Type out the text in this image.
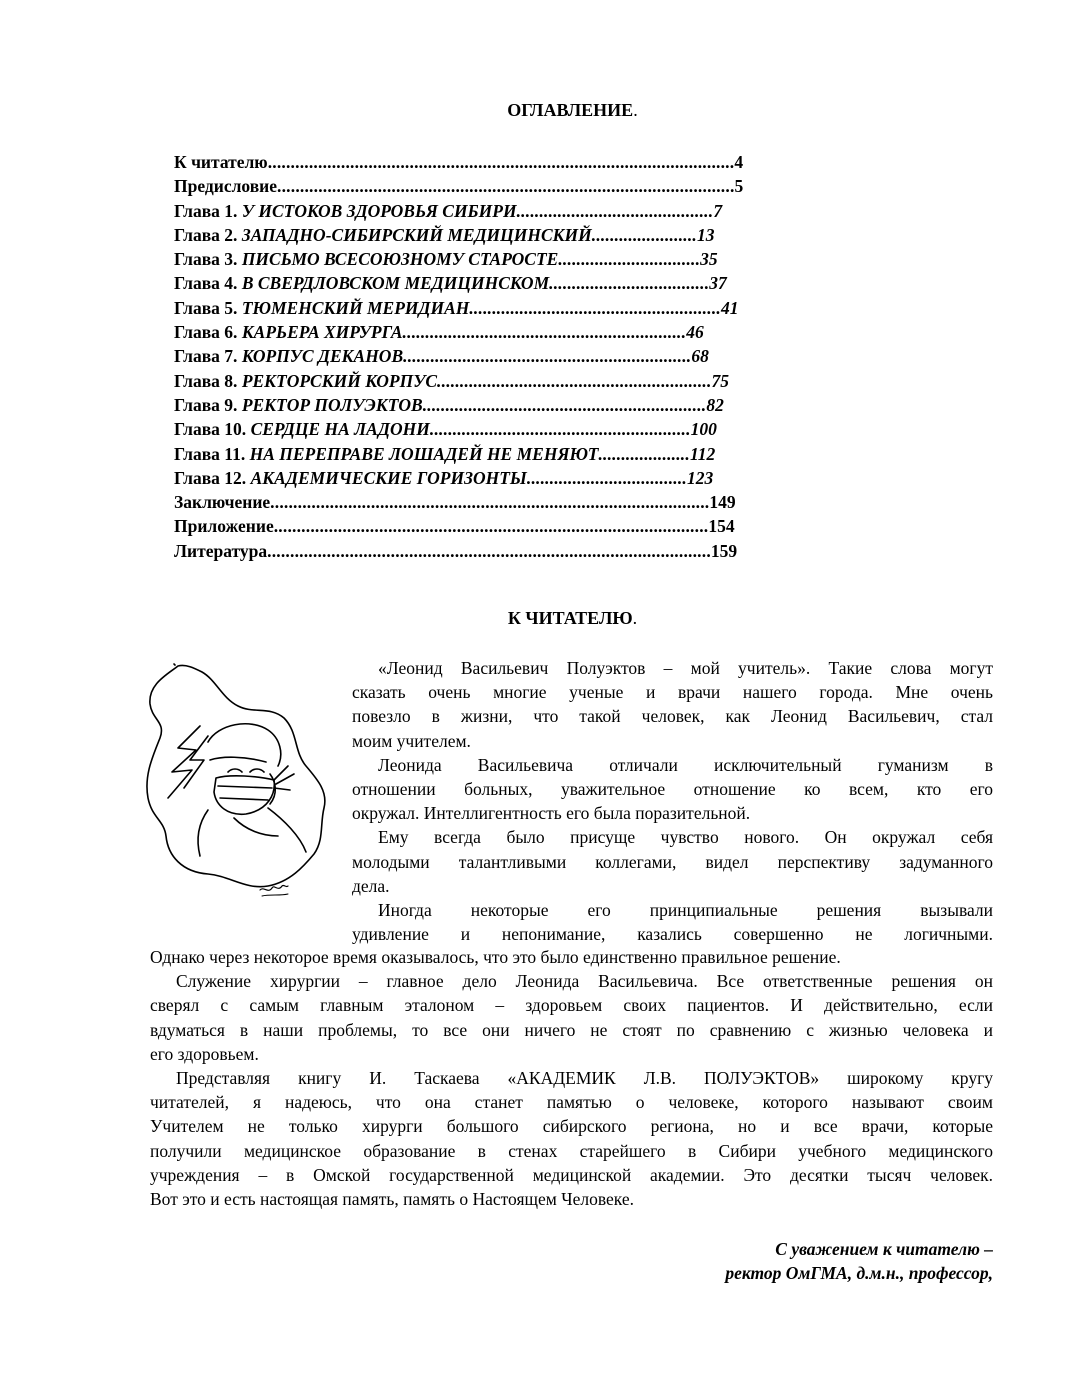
ОГЛАВЛЕНИЕ.
К читателю......................................................................................................4
Предисловие....................................................................................................5
Глава 1. У ИСТОКОВ ЗДОРОВЬЯ СИБИРИ...........................................7
Глава 2. ЗАПАДНО-СИБИРСКИЙ МЕДИЦИНСКИЙ.......................13
Глава 3. ПИСЬМО ВСЕСОЮЗНОМУ СТАРОСТЕ...............................35
Глава 4. В СВЕРДЛОВСКОМ МЕДИЦИНСКОМ...................................37
Глава 5. ТЮМЕНСКИЙ МЕРИДИАН.......................................................41
Глава 6. КАРЬЕРА ХИРУРГА..............................................................46
Глава 7. КОРПУС ДЕКАНОВ...............................................................68
Глава 8. РЕКТОРСКИЙ КОРПУС............................................................75
Глава 9. РЕКТОР ПОЛУЭКТОВ..............................................................82
Глава 10. СЕРДЦЕ НА ЛАДОНИ.........................................................100
Глава 11. НА ПЕРЕПРАВЕ ЛОШАДЕЙ НЕ МЕНЯЮТ....................112
Глава 12. АКАДЕМИЧЕСКИЕ ГОРИЗОНТЫ...................................123
Заключение................................................................................................149
Приложение...............................................................................................154
Литература.................................................................................................159
К ЧИТАТЕЛЮ.
«Леонид Васильевич Полуэктов – мой учитель». Такие слова могут
сказать очень многие ученые и врачи нашего города. Мне очень
повезло в жизни, что такой человек, как Леонид Васильевич, стал
моим учителем.
Леонида Васильевича отличали исключительный гуманизм в
отношении больных, уважительное отношение ко всем, кто его
окружал. Интеллигентность его была поразительной.
Ему всегда было присуще чувство нового. Он окружал себя
молодыми талантливыми коллегами, видел перспективу задуманного
дела.
Иногда некоторые его принципиальные решения вызывали
удивление и непонимание, казались совершенно не логичными.
Однако через некоторое время оказывалось, что это было единственно правильное решение.
Служение хирургии – главное дело Леонида Васильевича. Все ответственные решения он
сверял с самым главным эталоном – здоровьем своих пациентов. И действительно, если
вдуматься в наши проблемы, то все они ничего не стоят по сравнению с жизнью человека и
его здоровьем.
Представляя книгу И. Таскаева «АКАДЕМИК Л.В. ПОЛУЭКТОВ» широкому кругу
читателей, я надеюсь, что она станет памятью о человеке, которого называют своим
Учителем не только хирурги большого сибирского региона, но и все врачи, которые
получили медицинское образование в стенах старейшего в Сибири учебного медицинского
учреждения – в Омской государственной медицинской академии. Это десятки тысяч человек.
Вот это и есть настоящая память, память о Настоящем Человеке.
С уважением к читателю –
ректор ОмГМА, д.м.н., профессор,
